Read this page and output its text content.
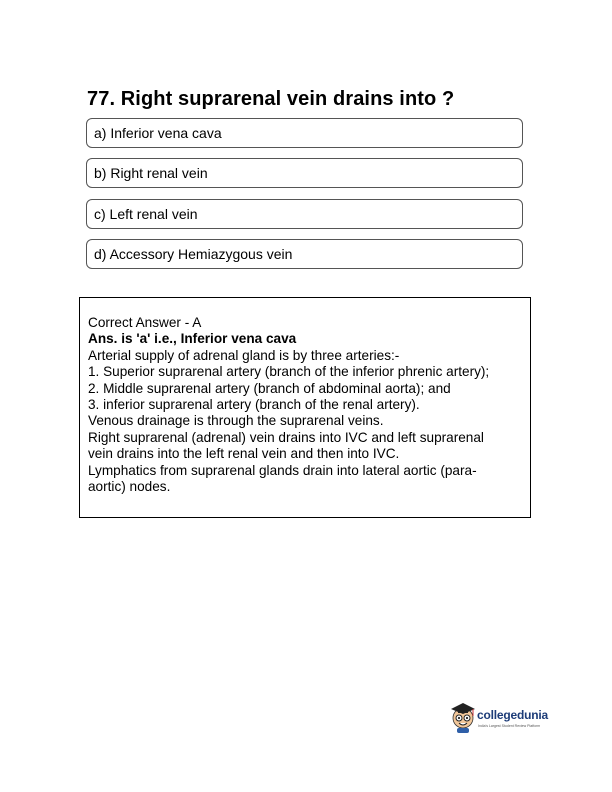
77. Right suprarenal vein drains into ?
a) Inferior vena cava
b) Right renal vein
c) Left renal vein
d) Accessory Hemiazygous vein
Correct Answer - A
Ans. is 'a' i.e., Inferior vena cava
Arterial supply of adrenal gland is by three arteries:-
1. Superior suprarenal artery (branch of the inferior phrenic artery);
2. Middle suprarenal artery (branch of abdominal aorta); and
3. inferior suprarenal artery (branch of the renal artery).
Venous drainage is through the suprarenal veins.
Right suprarenal (adrenal) vein drains into IVC and left suprarenal
vein drains into the left renal vein and then into IVC.
Lymphatics from suprarenal glands drain into lateral aortic (para-
aortic) nodes.
collegedunia
India's Largest Student Review Platform
